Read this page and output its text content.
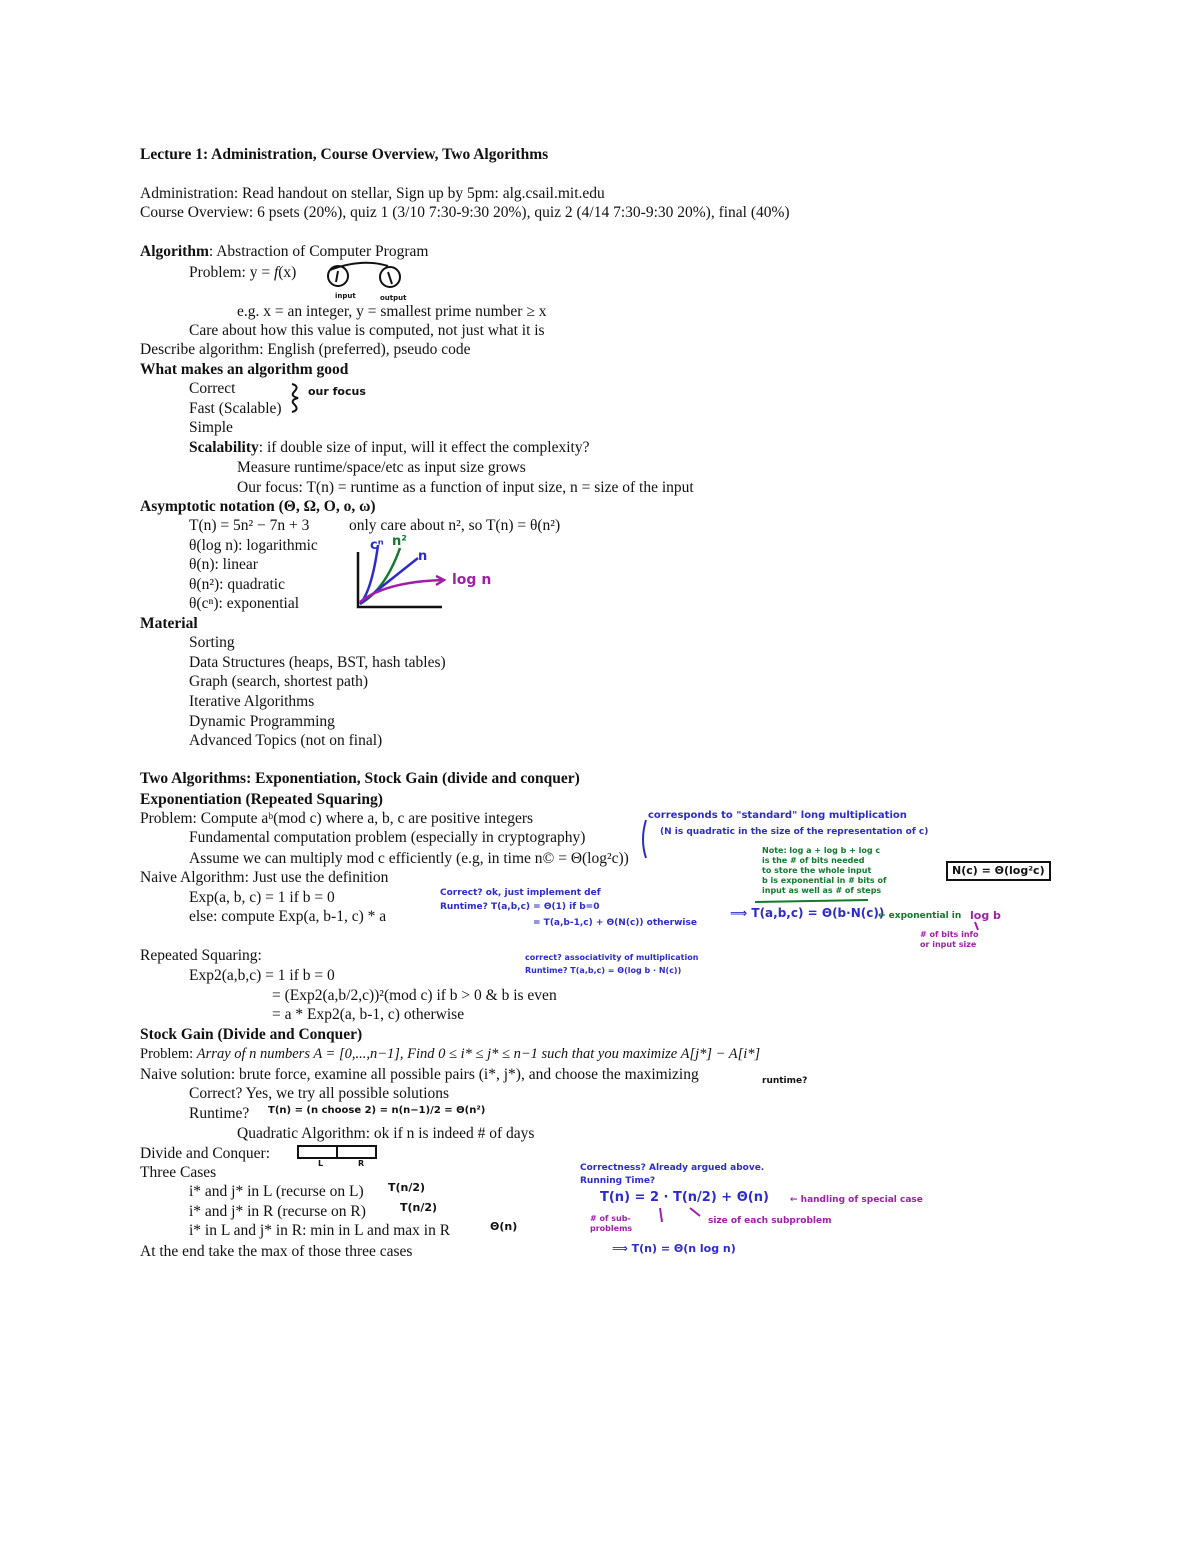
Lecture 1: Administration, Course Overview, Two Algorithms
Administration: Read handout on stellar, Sign up by 5pm: alg.csail.mit.edu
Course Overview: 6 psets (20%), quiz 1 (3/10 7:30-9:30 20%), quiz 2 (4/14 7:30-9:30 20%), final (40%)
Algorithm: Abstraction of Computer Program
Problem: y = f(x)
e.g. x = an integer, y = smallest prime number ≥ x
Care about how this value is computed, not just what it is
Describe algorithm: English (preferred), pseudo code
What makes an algorithm good
Correct
Fast (Scalable)
Simple
Scalability: if double size of input, will it effect the complexity?
Measure runtime/space/etc as input size grows
Our focus: T(n) = runtime as a function of input size, n = size of the input
Asymptotic notation (Θ, Ω, O, o, ω)
T(n) = 5n² − 7n + 3	only care about n², so T(n) = θ(n²)
θ(log n): logarithmic
θ(n): linear
θ(n²): quadratic
θ(cⁿ): exponential
Material
Sorting
Data Structures (heaps, BST, hash tables)
Graph (search, shortest path)
Iterative Algorithms
Dynamic Programming
Advanced Topics (not on final)
Two Algorithms: Exponentiation, Stock Gain (divide and conquer)
Exponentiation (Repeated Squaring)
Problem: Compute aᵇ(mod c) where a, b, c are positive integers
Fundamental computation problem (especially in cryptography)
Assume we can multiply mod c efficiently (e.g, in time n© = Θ(log²c))
Naive Algorithm: Just use the definition
Exp(a, b, c) = 1 if b = 0
else: compute Exp(a, b-1, c) * a
Repeated Squaring:
Exp2(a,b,c) = 1 if b = 0
= (Exp2(a,b/2,c))²(mod c) if b > 0 & b is even
= a * Exp2(a, b-1, c) otherwise
Stock Gain (Divide and Conquer)
Problem: Array of n numbers A = [0,...,n−1], Find 0 ≤ i* ≤ j* ≤ n−1 such that you maximize A[j*] − A[i*]
Naive solution: brute force, examine all possible pairs (i*, j*), and choose the maximizing
Correct? Yes, we try all possible solutions
Runtime?
Quadratic Algorithm: ok if n is indeed # of days
Divide and Conquer:
Three Cases
i* and j* in L (recurse on L)
i* and j* in R (recurse on R)
i* in L and j* in R: min in L and max in R
At the end take the max of those three cases
input	output
our focus
cⁿ n²
n
log n
corresponds to "standard" long multiplication
(N is quadratic in the size of the representation of c)
N(c) = Θ(log²c)
Correct? ok, just implement def
Runtime? T(a,b,c) = Θ(1) if b=0
= T(a,b-1,c) + Θ(N(c)) otherwise
⟹ T(a,b,c) = Θ(b·N(c))
Note: log a + log b + log c
is the # of bits needed
to store the whole input
b is exponential in # bits of
input as well as # of steps
← exponential in log b
# of bits info
or input size
correct? associativity of multiplication
Runtime? T(a,b,c) = Θ(log b · N(c))
runtime?
T(n) = (n choose 2) = n(n−1)/2 = Θ(n²)
L	R
T(n/2)
T(n/2)
Θ(n)
Correctness? Already argued above.
Running Time?
T(n) = 2 · T(n/2) + Θ(n) ← handling of special case
# of sub-
problems
size of each subproblem
⟹ T(n) = Θ(n log n)
